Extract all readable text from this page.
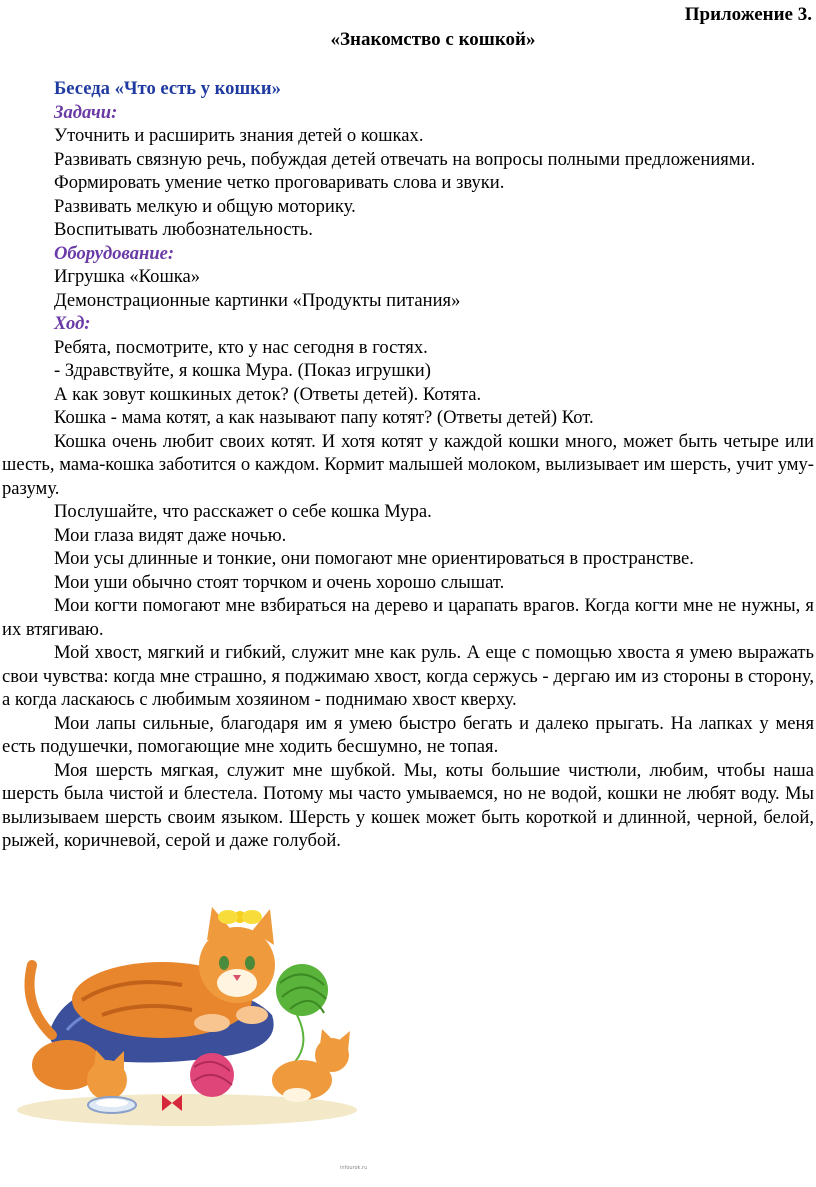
Приложение 3.

«Знакомство с кошкой»

Беседа «Что есть у кошки»

Задачи:

Уточнить и расширить знания детей о кошках.

Развивать связную речь, побуждая детей отвечать на вопросы полными предложениями.

Формировать умение четко проговаривать слова и звуки.

Развивать мелкую и общую моторику.

Воспитывать любознательность.

Оборудование:

Игрушка «Кошка»

Демонстрационные картинки «Продукты питания»

Ход:

Ребята, посмотрите, кто у нас сегодня в гостях.

- Здравствуйте, я кошка Мура. (Показ игрушки)

А как зовут кошкиных деток? (Ответы детей). Котята.

Кошка - мама котят, а как называют папу котят? (Ответы детей) Кот.

Кошка очень любит своих котят. И хотя котят у каждой кошки много, может быть четыре или шесть, мама-кошка заботится о каждом. Кормит малышей молоком, вылизывает им шерсть, учит уму-разуму.

Послушайте, что расскажет о себе кошка Мура.

Мои глаза видят даже ночью.

Мои усы длинные и тонкие, они помогают мне ориентироваться в пространстве.

Мои уши обычно стоят торчком и очень хорошо слышат.

Мои когти помогают мне взбираться на дерево и царапать врагов. Когда когти мне не нужны, я их втягиваю.

Мой хвост, мягкий и гибкий, служит мне как руль. А еще с помощью хвоста я умею выражать свои чувства: когда мне страшно, я поджимаю хвост, когда сержусь - дергаю им из стороны в сторону, а когда ласкаюсь с любимым хозяином - поднимаю хвост кверху.

Мои лапы сильные, благодаря им я умею быстро бегать и далеко прыгать. На лапках у меня есть подушечки, помогающие мне ходить бесшумно, не топая.

Моя шерсть мягкая, служит мне шубкой. Мы, коты большие чистюли, любим, чтобы наша шерсть была чистой и блестела. Потому мы часто умываемся, но не водой, кошки не любят воду. Мы вылизываем шерсть своим языком. Шерсть у кошек может быть короткой и длинной, черной, белой, рыжей, коричневой, серой и даже голубой.

infourok.ru
